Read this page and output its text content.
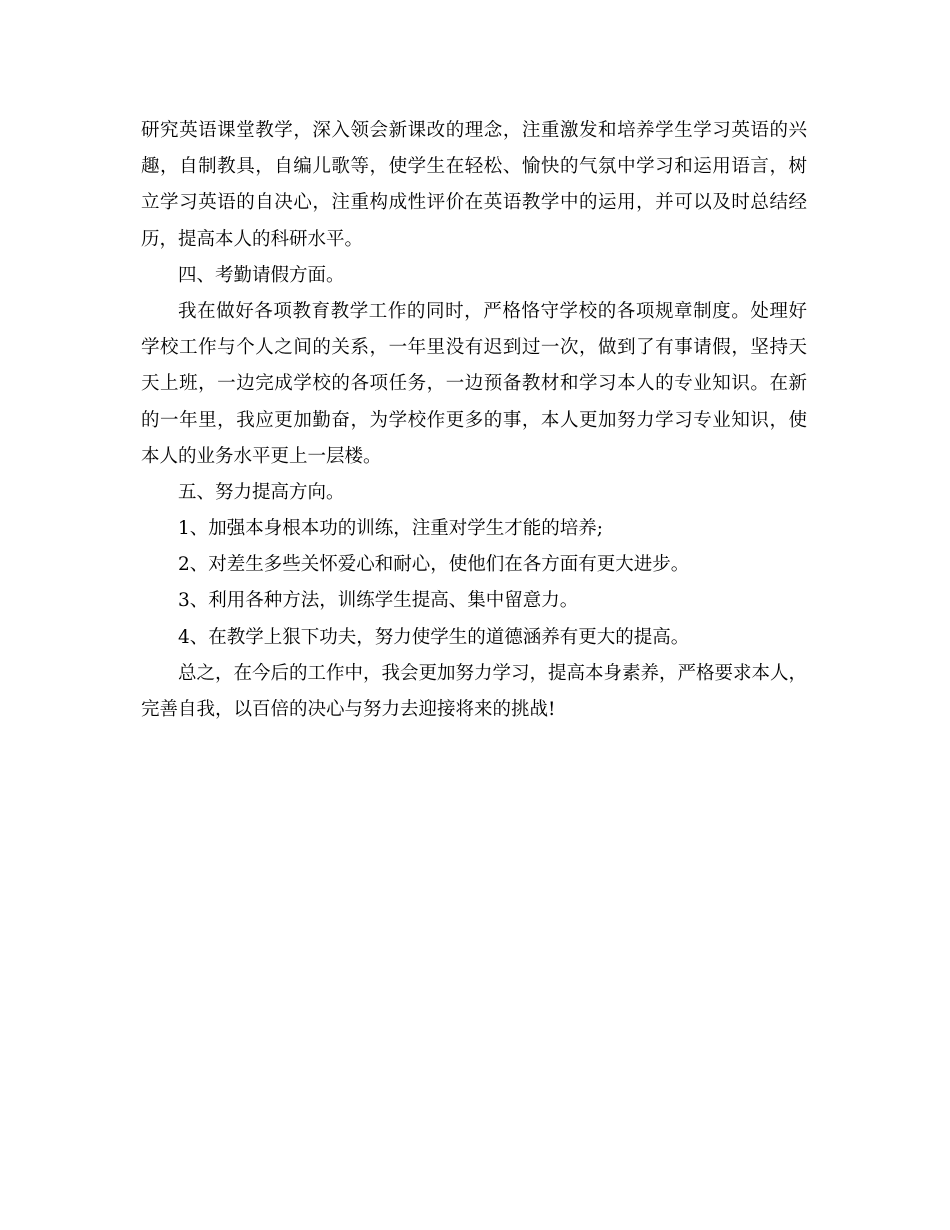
研究英语课堂教学，深入领会新课改的理念，注重激发和培养学生学习英语的兴
趣，自制教具，自编儿歌等，使学生在轻松、愉快的气氛中学习和运用语言，树
立学习英语的自决心，注重构成性评价在英语教学中的运用，并可以及时总结经
历，提高本人的科研水平。
四、考勤请假方面。
我在做好各项教育教学工作的同时，严格恪守学校的各项规章制度。处理好
学校工作与个人之间的关系，一年里没有迟到过一次，做到了有事请假，坚持天
天上班，一边完成学校的各项任务，一边预备教材和学习本人的专业知识。在新
的一年里，我应更加勤奋，为学校作更多的事，本人更加努力学习专业知识，使
本人的业务水平更上一层楼。
五、努力提高方向。
1、加强本身根本功的训练，注重对学生才能的培养;
2、对差生多些关怀爱心和耐心，使他们在各方面有更大进步。
3、利用各种方法，训练学生提高、集中留意力。
4、在教学上狠下功夫，努力使学生的道德涵养有更大的提高。
总之，在今后的工作中，我会更加努力学习，提高本身素养，严格要求本人，
完善自我，以百倍的决心与努力去迎接将来的挑战!
